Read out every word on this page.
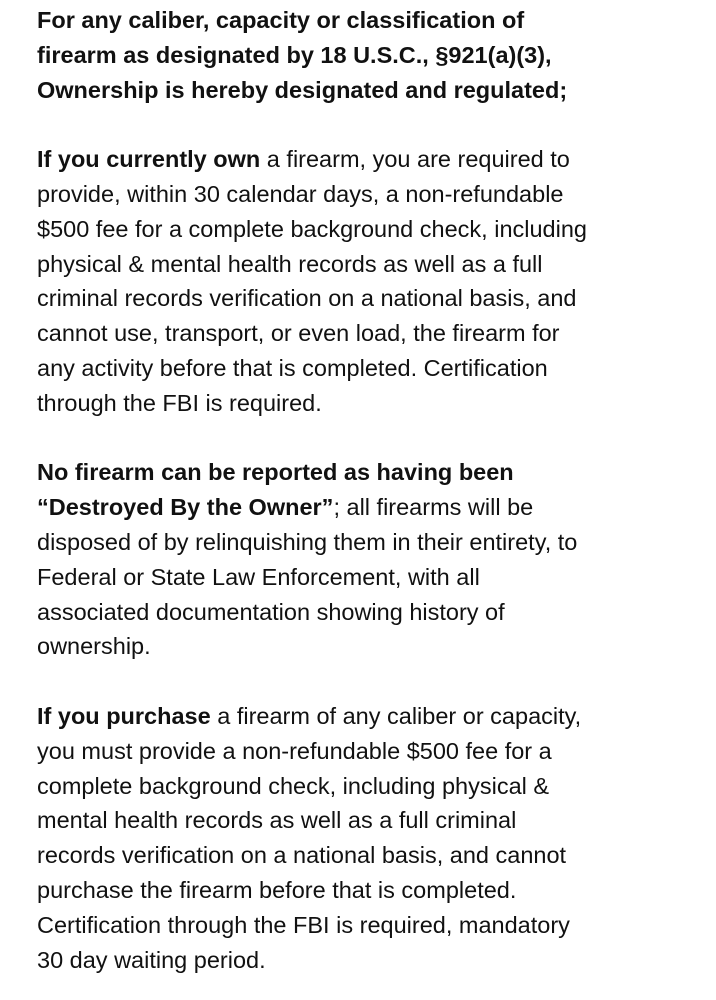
For any caliber, capacity or classification of
firearm as designated by 18 U.S.C., §921(a)(3),
Ownership is hereby designated and regulated;

If you currently own a firearm, you are required to
provide, within 30 calendar days, a non-refundable
$500 fee for a complete background check, including
physical & mental health records as well as a full
criminal records verification on a national basis, and
cannot use, transport, or even load, the firearm for
any activity before that is completed. Certification
through the FBI is required.

No firearm can be reported as having been
“Destroyed By the Owner”; all firearms will be
disposed of by relinquishing them in their entirety, to
Federal or State Law Enforcement, with all
associated documentation showing history of
ownership.

If you purchase a firearm of any caliber or capacity,
you must provide a non-refundable $500 fee for a
complete background check, including physical &
mental health records as well as a full criminal
records verification on a national basis, and cannot
purchase the firearm before that is completed.
Certification through the FBI is required, mandatory
30 day waiting period.
